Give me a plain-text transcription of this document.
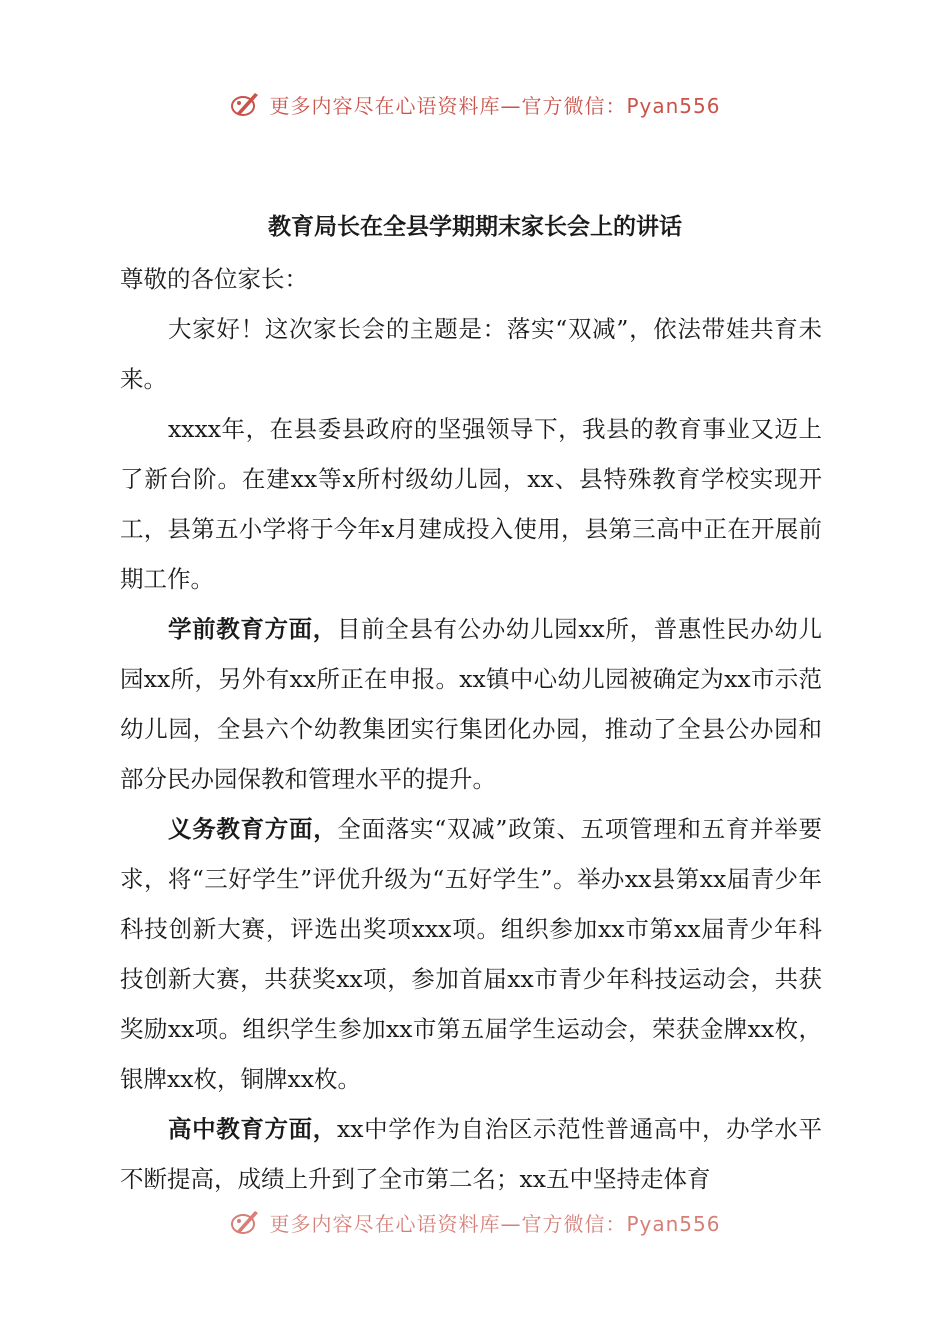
更多内容尽在心语资料库—官方微信：Pyan556
教育局长在全县学期期末家长会上的讲话

尊敬的各位家长：

大家好！这次家长会的主题是：落实“双减”，依法带娃共育未来。

xxxx年，在县委县政府的坚强领导下，我县的教育事业又迈上了新台阶。在建xx等x所村级幼儿园，xx、县特殊教育学校实现开工，县第五小学将于今年x月建成投入使用，县第三高中正在开展前期工作。

学前教育方面，目前全县有公办幼儿园xx所，普惠性民办幼儿园xx所，另外有xx所正在申报。xx镇中心幼儿园被确定为xx市示范幼儿园，全县六个幼教集团实行集团化办园，推动了全县公办园和部分民办园保教和管理水平的提升。

义务教育方面，全面落实“双减”政策、五项管理和五育并举要求，将“三好学生”评优升级为“五好学生”。举办xx县第xx届青少年科技创新大赛，评选出奖项xxx项。组织参加xx市第xx届青少年科技创新大赛，共获奖xx项，参加首届xx市青少年科技运动会，共获奖励xx项。组织学生参加xx市第五届学生运动会，荣获金牌xx枚，银牌xx枚，铜牌xx枚。

高中教育方面，xx中学作为自治区示范性普通高中，办学水平不断提高，成绩上升到了全市第二名；xx五中坚持走体育

更多内容尽在心语资料库—官方微信：Pyan556
